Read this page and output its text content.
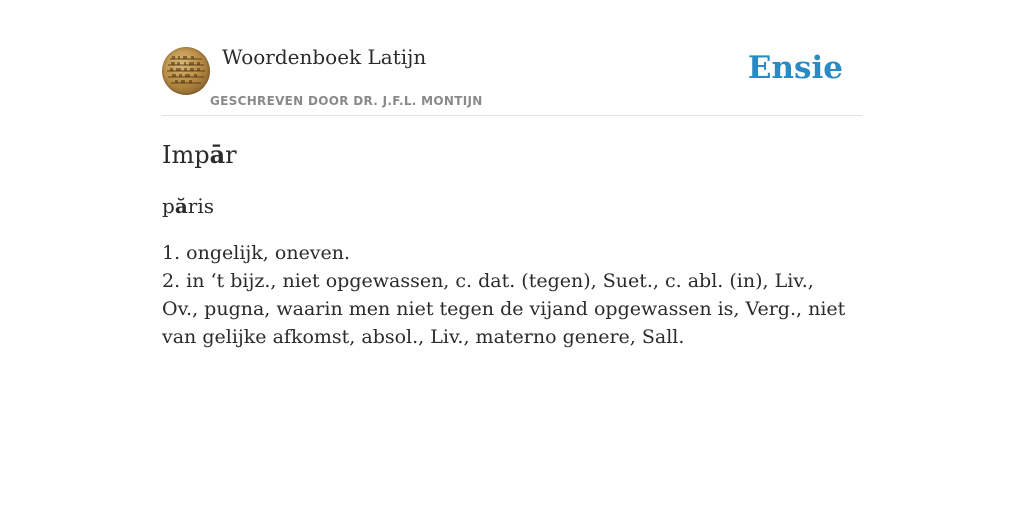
Woordenboek Latijn
GESCHREVEN DOOR DR. J.F.L. MONTIJN
Ensie
Impār
păris

1. ongelijk, oneven.

2. in ‘t bijz., niet opgewassen, c. dat. (tegen), Suet., c. abl. (in), Liv., Ov., pugna, waarin men niet tegen de vijand opgewassen is, Verg., niet van gelijke afkomst, absol., Liv., materno genere, Sall.
